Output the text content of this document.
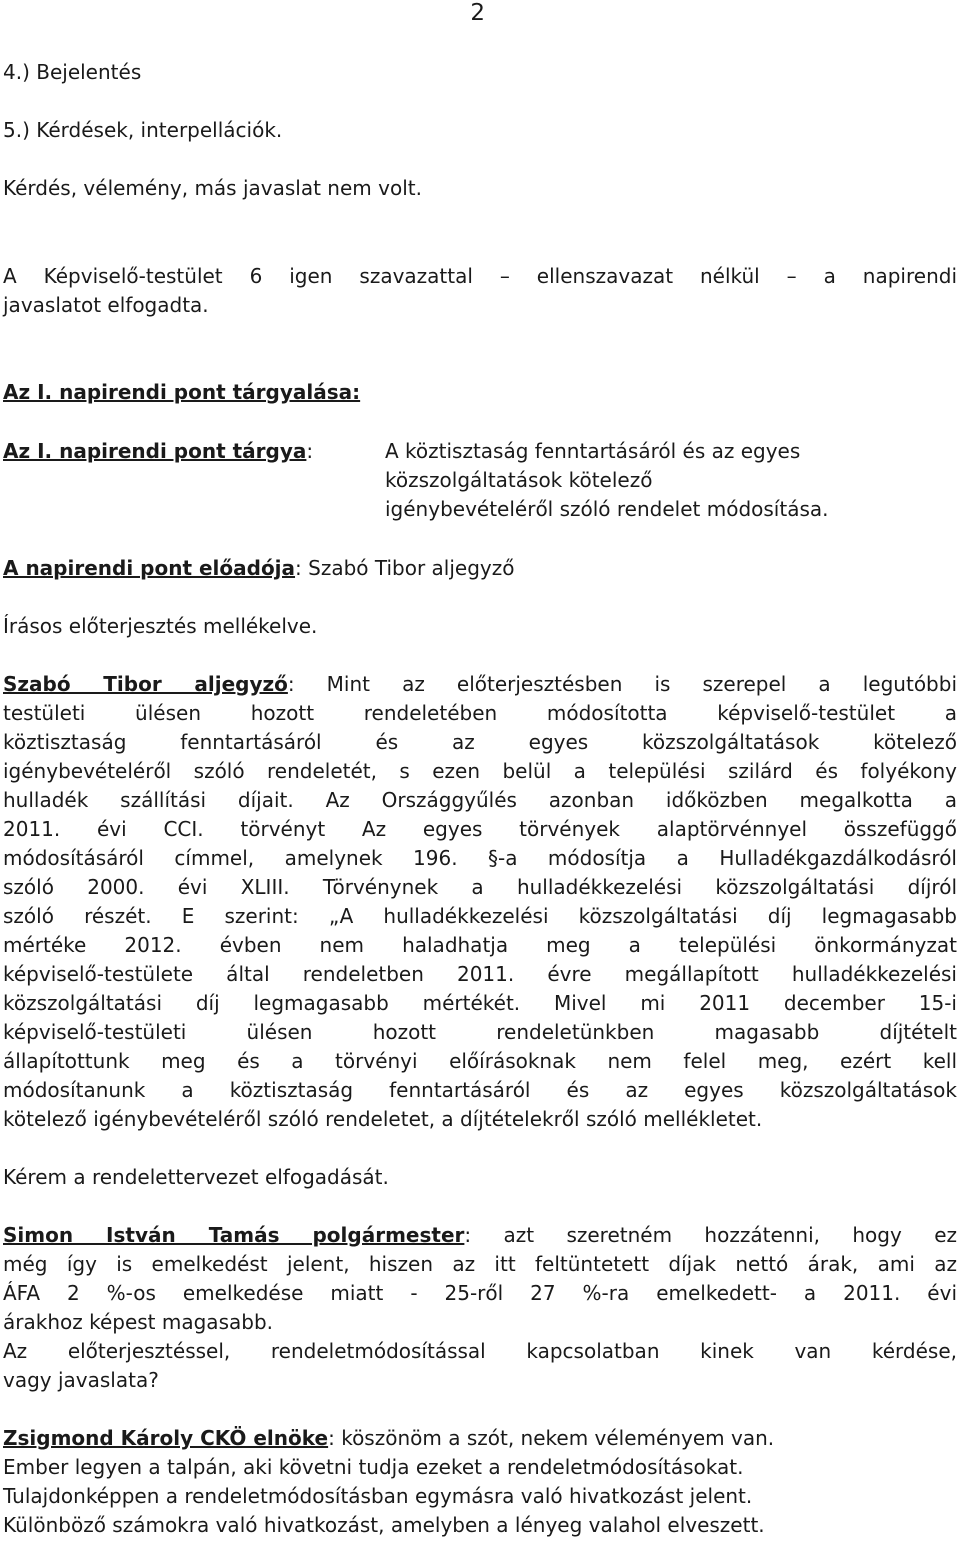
2
4.) Bejelentés
5.) Kérdések, interpellációk.
Kérdés, vélemény, más javaslat nem volt.
A Képviselő-testület 6 igen szavazattal – ellenszavazat nélkül – a napirendi
javaslatot elfogadta.
Az I. napirendi pont tárgyalása:
Az I. napirendi pont tárgya:	A köztisztaság fenntartásáról és az egyes
közszolgáltatások kötelező
igénybevételéről szóló rendelet módosítása.
A napirendi pont előadója: Szabó Tibor aljegyző
Írásos előterjesztés mellékelve.
Szabó Tibor aljegyző: Mint az előterjesztésben is szerepel a legutóbbi
testületi ülésen hozott rendeletében módosította képviselő-testület a
köztisztaság fenntartásáról és az egyes közszolgáltatások kötelező
igénybevételéről szóló rendeletét, s ezen belül a települési szilárd és folyékony
hulladék szállítási díjait. Az Országgyűlés azonban időközben megalkotta a
2011. évi CCI. törvényt Az egyes törvények alaptörvénnyel összefüggő
módosításáról címmel, amelynek 196. §-a módosítja a Hulladékgazdálkodásról
szóló 2000. évi XLIII. Törvénynek a hulladékkezelési közszolgáltatási díjról
szóló részét. E szerint: „A hulladékkezelési közszolgáltatási díj legmagasabb
mértéke 2012. évben nem haladhatja meg a települési önkormányzat
képviselő-testülete által rendeletben 2011. évre megállapított hulladékkezelési
közszolgáltatási díj legmagasabb mértékét. Mivel mi 2011 december 15-i
képviselő-testületi ülésen hozott rendeletünkben magasabb díjtételt
állapítottunk meg és a törvényi előírásoknak nem felel meg, ezért kell
módosítanunk a köztisztaság fenntartásáról és az egyes közszolgáltatások
kötelező igénybevételéről szóló rendeletet, a díjtételekről szóló mellékletet.
Kérem a rendelettervezet elfogadását.
Simon István Tamás polgármester: azt szeretném hozzátenni, hogy ez
még így is emelkedést jelent, hiszen az itt feltüntetett díjak nettó árak, ami az
ÁFA 2 %-os emelkedése miatt - 25-ről 27 %-ra emelkedett- a 2011. évi
árakhoz képest magasabb.
Az előterjesztéssel, rendeletmódosítással kapcsolatban kinek van kérdése,
vagy javaslata?
Zsigmond Károly CKÖ elnöke: köszönöm a szót, nekem véleményem van.
Ember legyen a talpán, aki követni tudja ezeket a rendeletmódosításokat.
Tulajdonképpen a rendeletmódosításban egymásra való hivatkozást jelent.
Különböző számokra való hivatkozást, amelyben a lényeg valahol elveszett.
